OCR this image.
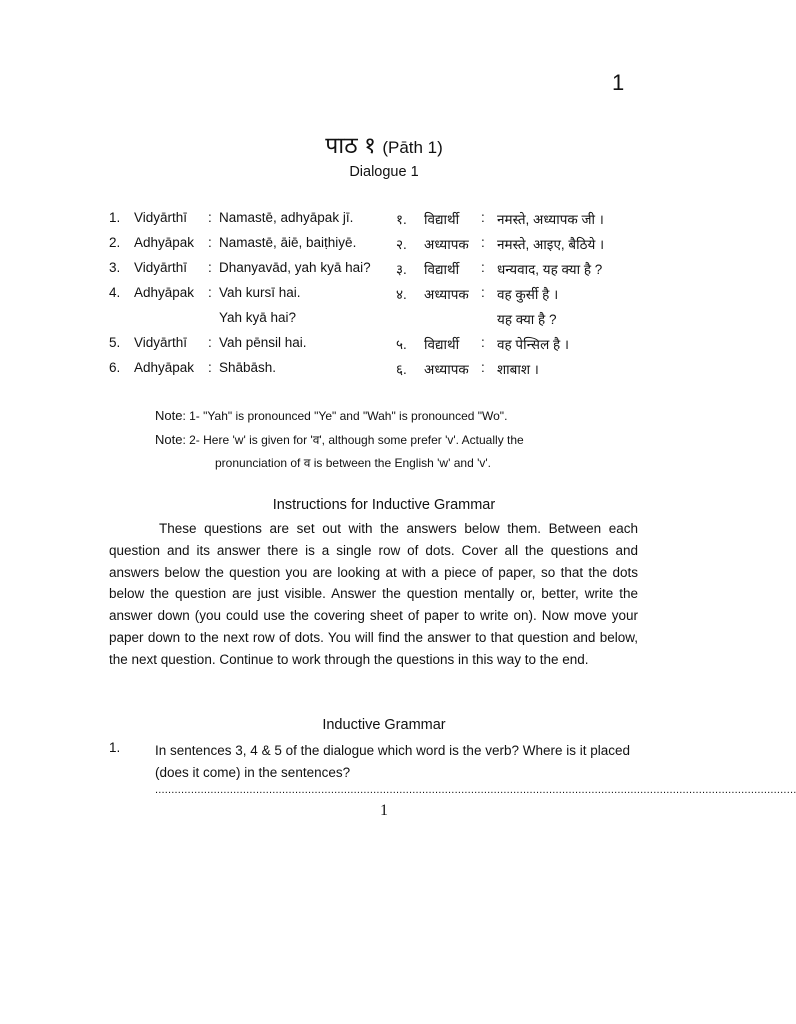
1
पाठ १ (Pāth 1)
Dialogue 1
1. Vidyārthī : Namastē, adhyāpak jī.	१. विद्यार्थी : नमस्ते, अध्यापक जी ।
2. Adhyāpak : Namastē, āiē, baiṭhiyē.	२. अध्यापक : नमस्ते, आइए, बैठिये ।
3. Vidyārthī : Dhanyavād, yah kyā hai? ३. विद्यार्थी : धन्यवाद, यह क्या है ?
4. Adhyāpak : Vah kursī hai.	४. अध्यापक : वह कुर्सी है ।
Yah kyā hai?	यह क्या है ?
5. Vidyārthī : Vah pēnsil hai.	५. विद्यार्थी : वह पेन्सिल है ।
6. Adhyāpak : Shābāsh.	६. अध्यापक : शाबाश ।
Note: 1- "Yah" is pronounced "Ye" and "Wah" is pronounced "Wo".
Note: 2- Here 'w' is given for 'व', although some prefer 'v'. Actually the
pronunciation of व is between the English 'w' and 'v'.
Instructions for Inductive Grammar
These questions are set out with the answers below them. Between each question and its answer there is a single row of dots. Cover all the questions and answers below the question you are looking at with a piece of paper, so that the dots below the question are just visible. Answer the question mentally or, better, write the answer down (you could use the covering sheet of paper to write on). Now move your paper down to the next row of dots. You will find the answer to that question and below, the next question. Continue to work through the questions in this way to the end.
Inductive Grammar
1.	In sentences 3, 4 & 5 of the dialogue which word is the verb? Where is it placed (does it come) in the sentences?
.....................................................................................................................................................................................................
1
